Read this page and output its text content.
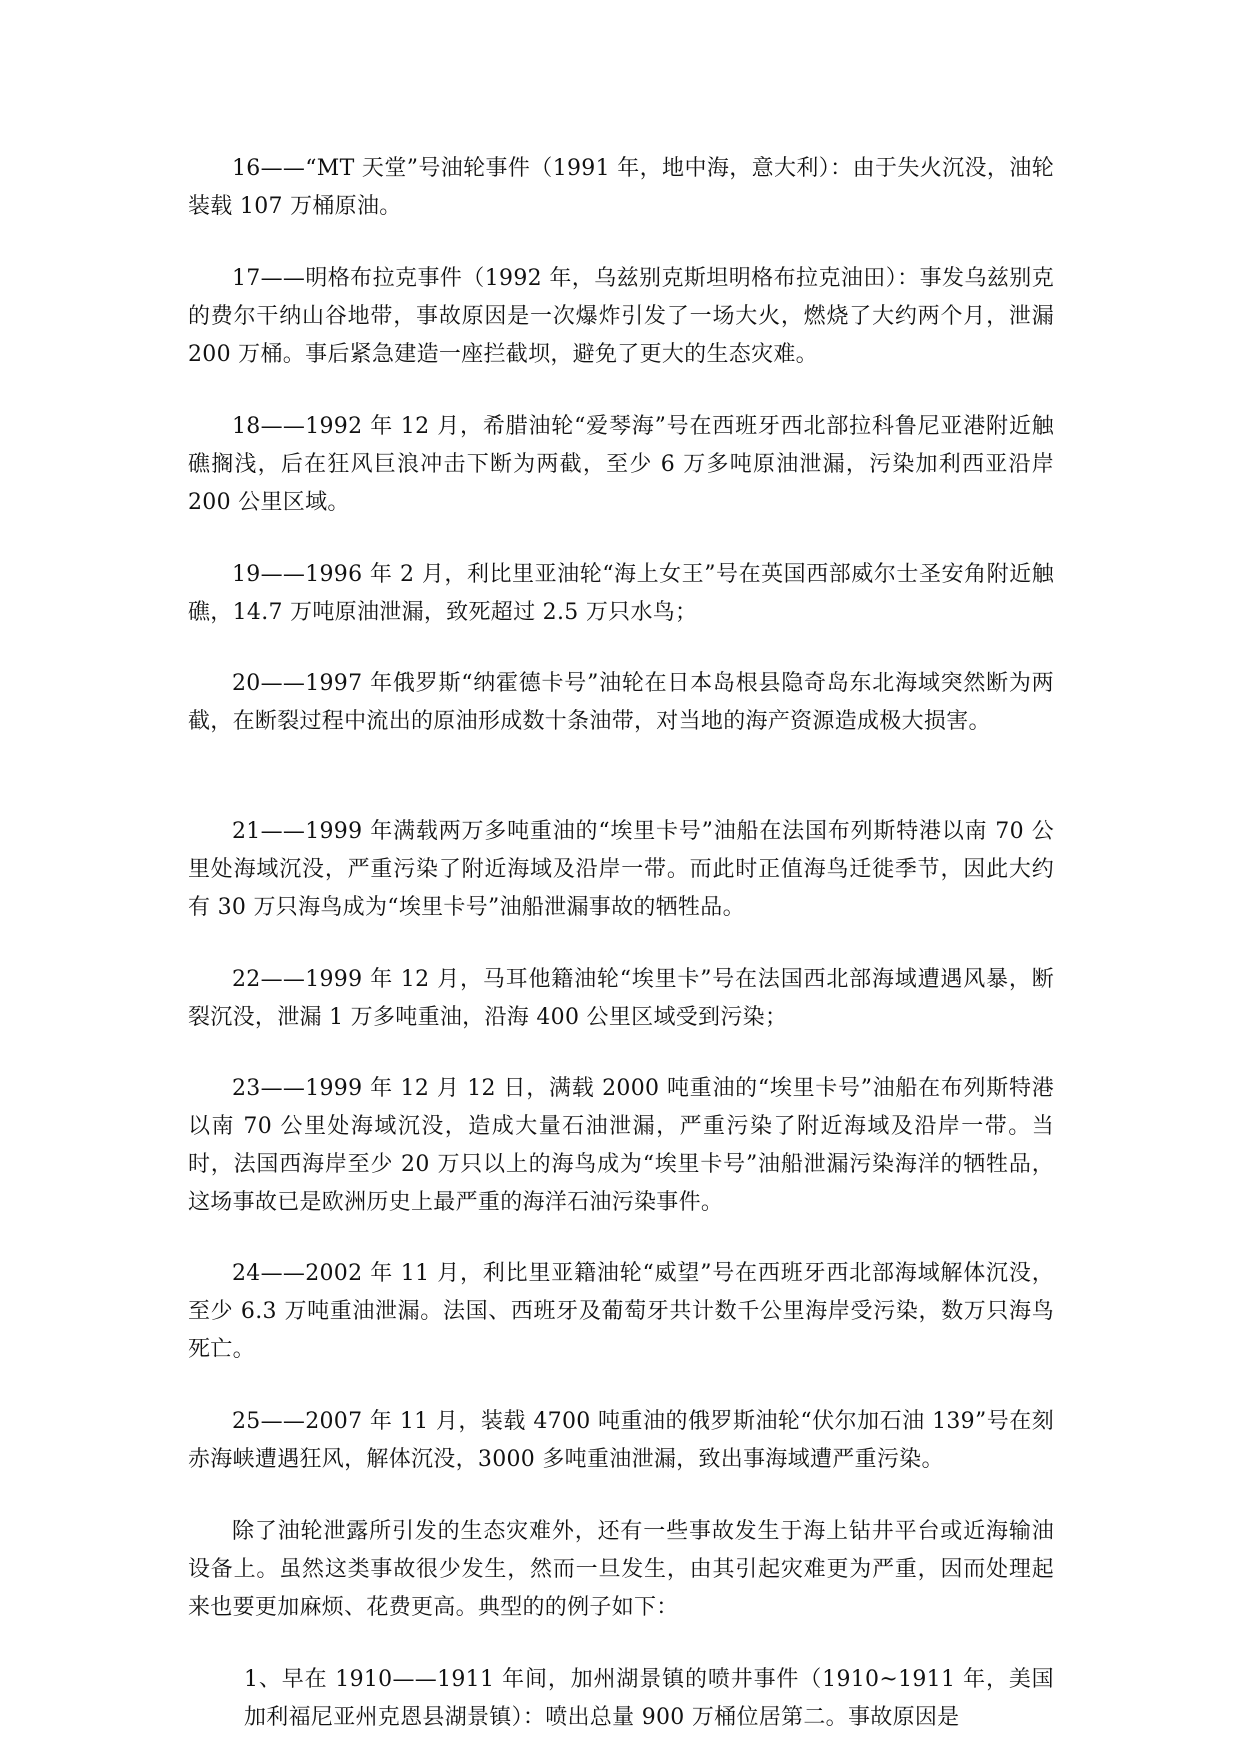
16——“MT 天堂”号油轮事件（1991 年，地中海，意大利）：由于失火沉没，油轮装载 107 万桶原油。

17——明格布拉克事件（1992 年，乌兹别克斯坦明格布拉克油田）：事发乌兹别克的费尔干纳山谷地带，事故原因是一次爆炸引发了一场大火，燃烧了大约两个月，泄漏 200 万桶。事后紧急建造一座拦截坝，避免了更大的生态灾难。

18——1992 年 12 月，希腊油轮“爱琴海”号在西班牙西北部拉科鲁尼亚港附近触礁搁浅，后在狂风巨浪冲击下断为两截，至少 6 万多吨原油泄漏，污染加利西亚沿岸 200 公里区域。

19——1996 年 2 月，利比里亚油轮“海上女王”号在英国西部威尔士圣安角附近触礁，14.7 万吨原油泄漏，致死超过 2.5 万只水鸟；

20——1997 年俄罗斯“纳霍德卡号”油轮在日本岛根县隐奇岛东北海域突然断为两截，在断裂过程中流出的原油形成数十条油带，对当地的海产资源造成极大损害。

21——1999 年满载两万多吨重油的“埃里卡号”油船在法国布列斯特港以南 70 公里处海域沉没，严重污染了附近海域及沿岸一带。而此时正值海鸟迁徙季节，因此大约有 30 万只海鸟成为“埃里卡号”油船泄漏事故的牺牲品。

22——1999 年 12 月，马耳他籍油轮“埃里卡”号在法国西北部海域遭遇风暴，断裂沉没，泄漏 1 万多吨重油，沿海 400 公里区域受到污染；

23——1999 年 12 月 12 日，满载 2000 吨重油的“埃里卡号”油船在布列斯特港以南 70 公里处海域沉没，造成大量石油泄漏，严重污染了附近海域及沿岸一带。当时，法国西海岸至少 20 万只以上的海鸟成为“埃里卡号”油船泄漏污染海洋的牺牲品，这场事故已是欧洲历史上最严重的海洋石油污染事件。

24——2002 年 11 月，利比里亚籍油轮“威望”号在西班牙西北部海域解体沉没，至少 6.3 万吨重油泄漏。法国、西班牙及葡萄牙共计数千公里海岸受污染，数万只海鸟死亡。

25——2007 年 11 月，装载 4700 吨重油的俄罗斯油轮“伏尔加石油 139”号在刻赤海峡遭遇狂风，解体沉没，3000 多吨重油泄漏，致出事海域遭严重污染。

除了油轮泄露所引发的生态灾难外，还有一些事故发生于海上钻井平台或近海输油设备上。虽然这类事故很少发生，然而一旦发生，由其引起灾难更为严重，因而处理起来也要更加麻烦、花费更高。典型的的例子如下：

1、早在 1910——1911 年间，加州湖景镇的喷井事件（1910~1911 年，美国加利福尼亚州克恩县湖景镇）：喷出总量 900 万桶位居第二。事故原因是
